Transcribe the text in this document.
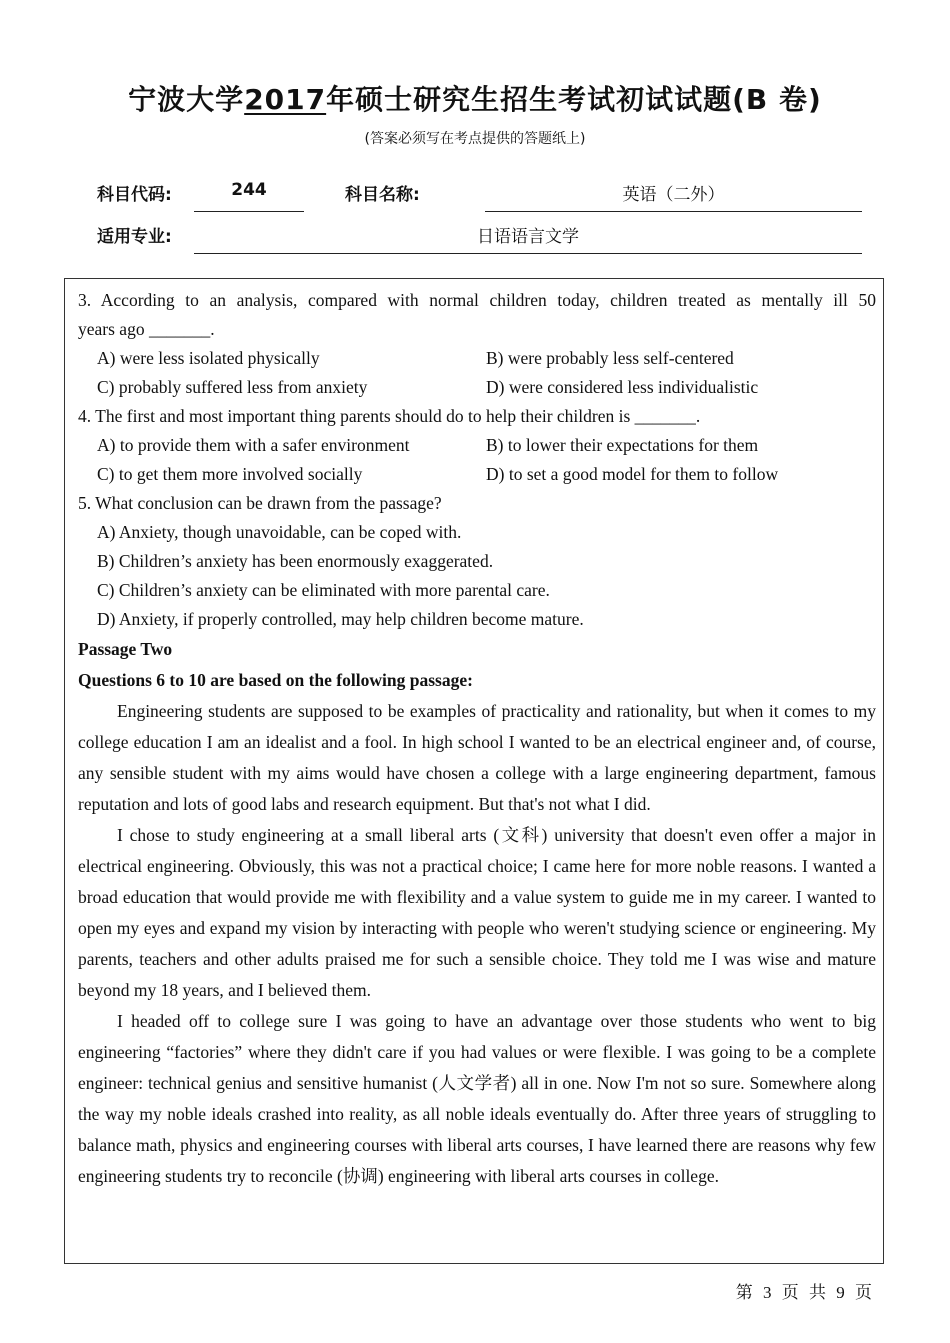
宁波大学2017年硕士研究生招生考试初试试题(B 卷)
(答案必须写在考点提供的答题纸上)
科目代码:	244	科目名称:	英语（二外）
适用专业:	日语语言文学
3. According to an analysis, compared with normal children today, children treated as mentally ill 50
years ago _______.
A) were less isolated physically	B) were probably less self-centered
C) probably suffered less from anxiety	D) were considered less individualistic
4. The first and most important thing parents should do to help their children is _______.
A) to provide them with a safer environment	B) to lower their expectations for them
C) to get them more involved socially	D) to set a good model for them to follow
5. What conclusion can be drawn from the passage?
A) Anxiety, though unavoidable, can be coped with.
B) Children’s anxiety has been enormously exaggerated.
C) Children’s anxiety can be eliminated with more parental care.
D) Anxiety, if properly controlled, may help children become mature.
Passage Two
Questions 6 to 10 are based on the following passage:

Engineering students are supposed to be examples of practicality and rationality, but when it comes to my college education I am an idealist and a fool. In high school I wanted to be an electrical engineer and, of course, any sensible student with my aims would have chosen a college with a large engineering department, famous reputation and lots of good labs and research equipment. But that's not what I did.

I chose to study engineering at a small liberal arts (文科) university that doesn't even offer a major in electrical engineering. Obviously, this was not a practical choice; I came here for more noble reasons. I wanted a broad education that would provide me with flexibility and a value system to guide me in my career. I wanted to open my eyes and expand my vision by interacting with people who weren't studying science or engineering. My parents, teachers and other adults praised me for such a sensible choice. They told me I was wise and mature beyond my 18 years, and I believed them.

I headed off to college sure I was going to have an advantage over those students who went to big engineering “factories” where they didn't care if you had values or were flexible. I was going to be a complete engineer: technical genius and sensitive humanist (人文学者) all in one. Now I'm not so sure. Somewhere along the way my noble ideals crashed into reality, as all noble ideals eventually do. After three years of struggling to balance math, physics and engineering courses with liberal arts courses, I have learned there are reasons why few engineering students try to reconcile (协调) engineering with liberal arts courses in college.

第 3 页 共 9 页
